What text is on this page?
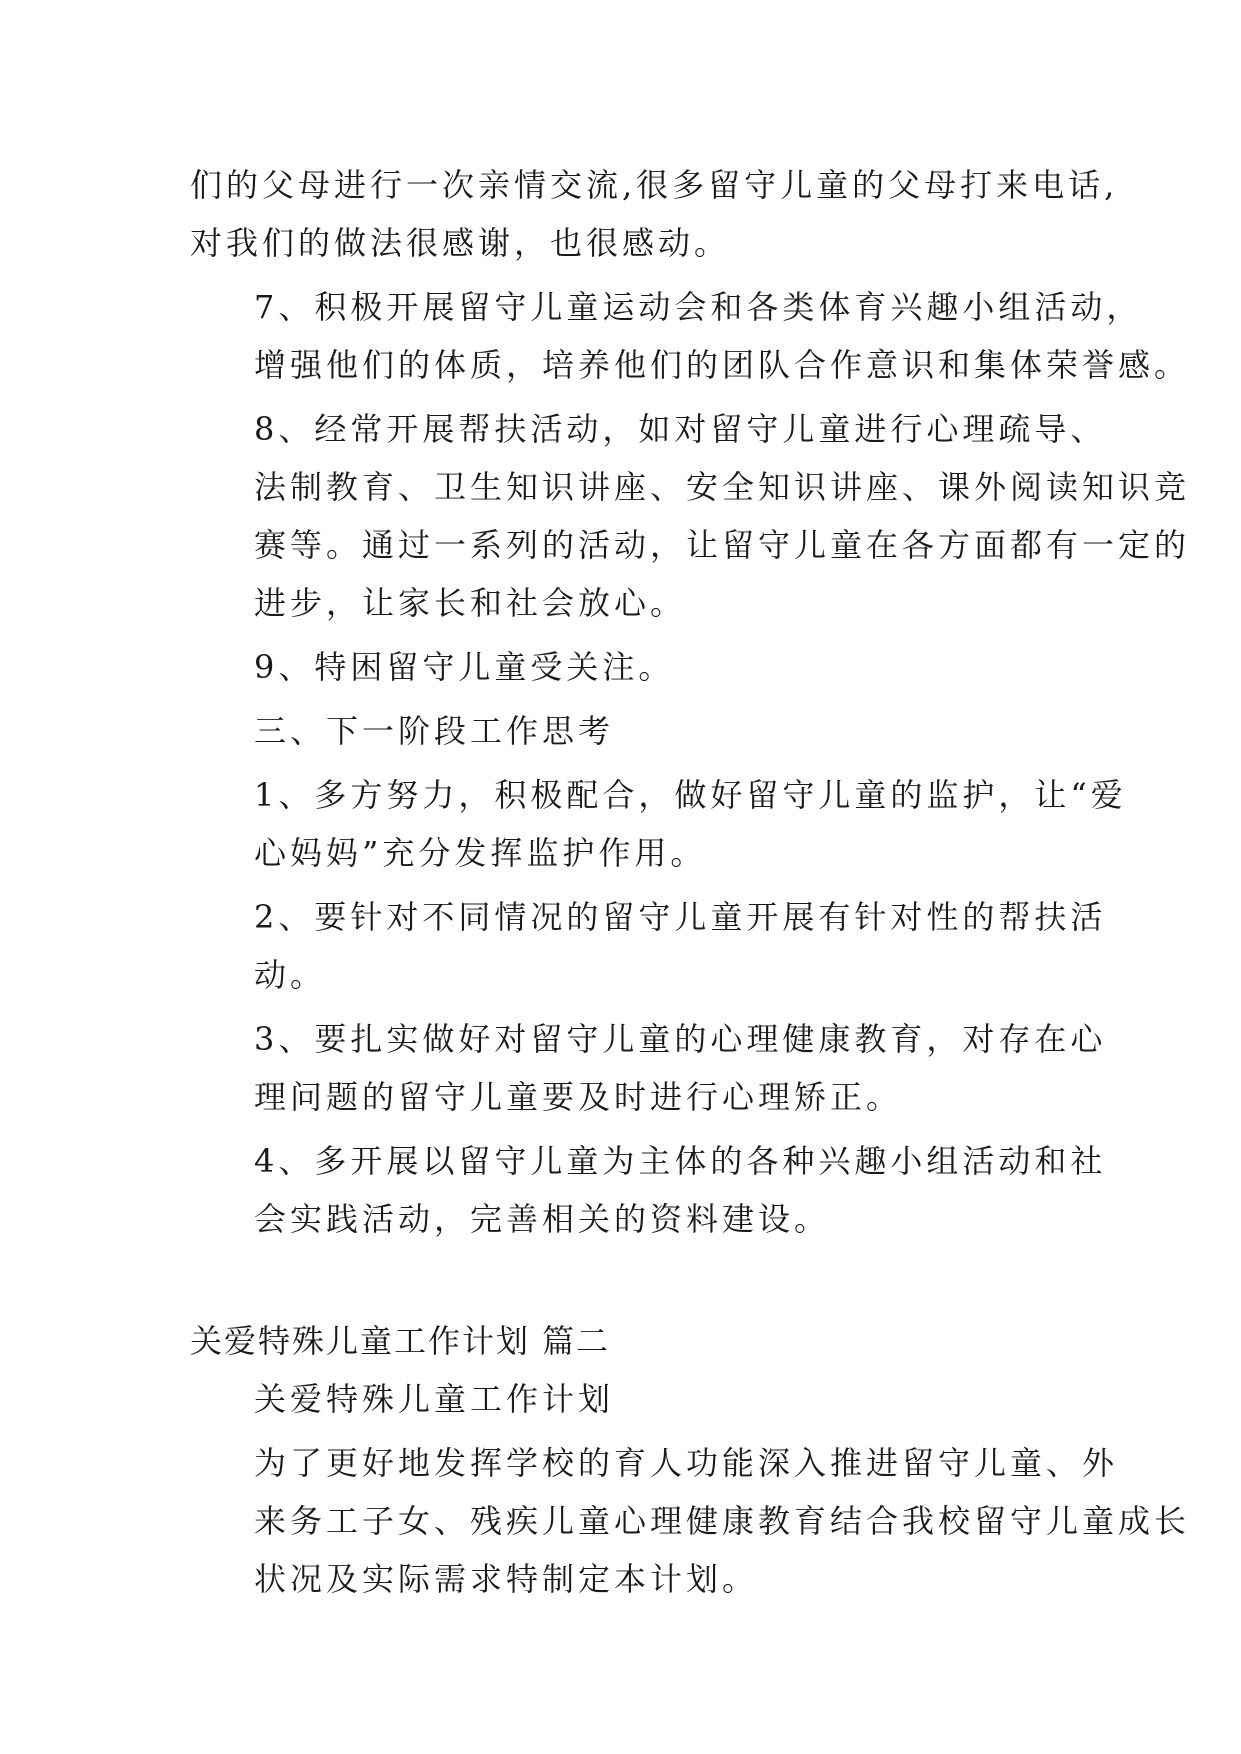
们的父母进行一次亲情交流,很多留守儿童的父母打来电话,
对我们的做法很感谢，也很感动。
7、积极开展留守儿童运动会和各类体育兴趣小组活动，
增强他们的体质，培养他们的团队合作意识和集体荣誉感。
8、经常开展帮扶活动，如对留守儿童进行心理疏导、
法制教育、卫生知识讲座、安全知识讲座、课外阅读知识竞
赛等。通过一系列的活动，让留守儿童在各方面都有一定的
进步，让家长和社会放心。
9、特困留守儿童受关注。
三、下一阶段工作思考
1、多方努力，积极配合，做好留守儿童的监护，让“爱
心妈妈”充分发挥监护作用。
2、要针对不同情况的留守儿童开展有针对性的帮扶活
动。
3、要扎实做好对留守儿童的心理健康教育，对存在心
理问题的留守儿童要及时进行心理矫正。
4、多开展以留守儿童为主体的各种兴趣小组活动和社
会实践活动，完善相关的资料建设。
关爱特殊儿童工作计划 篇二
关爱特殊儿童工作计划
为了更好地发挥学校的育人功能深入推进留守儿童、外
来务工子女、残疾儿童心理健康教育结合我校留守儿童成长
状况及实际需求特制定本计划。
